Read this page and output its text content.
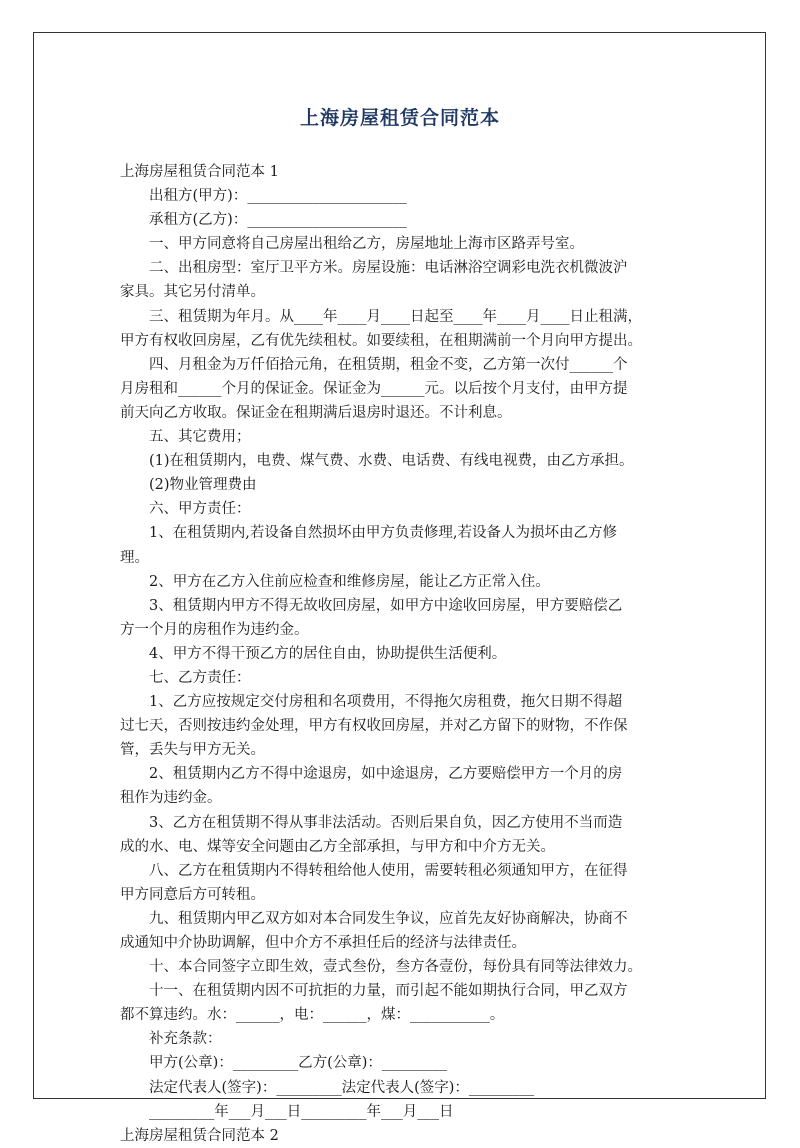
上海房屋租赁合同范本

上海房屋租赁合同范本 1

出租方(甲方)：______________________

承租方(乙方)：______________________

一、甲方同意将自己房屋出租给乙方，房屋地址上海市区路弄号室。

二、出租房型：室厅卫平方米。房屋设施：电话淋浴空调彩电洗衣机微波沪

家具。其它另付清单。

三、租赁期为年月。从____年____月____日起至____年____月____日止租满，

甲方有权收回房屋，乙有优先续租杖。如要续租，在租期满前一个月向甲方提出。

四、月租金为万仟佰拾元角，在租赁期，租金不变，乙方第一次付______个

月房租和______个月的保证金。保证金为______元。以后按个月支付，由甲方提

前天向乙方收取。保证金在租期满后退房时退还。不计利息。

五、其它费用；

(1)在租赁期内，电费、煤气费、水费、电话费、有线电视费，由乙方承担。

(2)物业管理费由

六、甲方责任：

1、在租赁期内,若设备自然损坏由甲方负责修理,若设备人为损坏由乙方修

理。

2、甲方在乙方入住前应检查和维修房屋，能让乙方正常入住。

3、租赁期内甲方不得无故收回房屋，如甲方中途收回房屋，甲方要赔偿乙

方一个月的房租作为违约金。

4、甲方不得干预乙方的居住自由，协助提供生活便利。

七、乙方责任：

1、乙方应按规定交付房租和名项费用，不得拖欠房租费，拖欠日期不得超

过七天，否则按违约金处理，甲方有权收回房屋，并对乙方留下的财物，不作保

管，丢失与甲方无关。

2、租赁期内乙方不得中途退房，如中途退房，乙方要赔偿甲方一个月的房

租作为违约金。

3、乙方在租赁期不得从事非法活动。否则后果自负，因乙方使用不当而造

成的水、电、煤等安全问题由乙方全部承担，与甲方和中介方无关。

八、乙方在租赁期内不得转租给他人使用，需要转租必须通知甲方，在征得

甲方同意后方可转租。

九、租赁期内甲乙双方如对本合同发生争议，应首先友好协商解决，协商不

成通知中介协助调解，但中介方不承担任后的经济与法律责任。

十、本合同签字立即生效，壹式叁份，叁方各壹份，每份具有同等法律效力。

十一、在租赁期内因不可抗拒的力量，而引起不能如期执行合同，甲乙双方

都不算违约。水：______，电：______，煤：___________。

补充条款：

甲方(公章)：_________乙方(公章)：_________

法定代表人(签字)：_________法定代表人(签字)：_________

_________年___月___日_________年___月___日

上海房屋租赁合同范本 2
